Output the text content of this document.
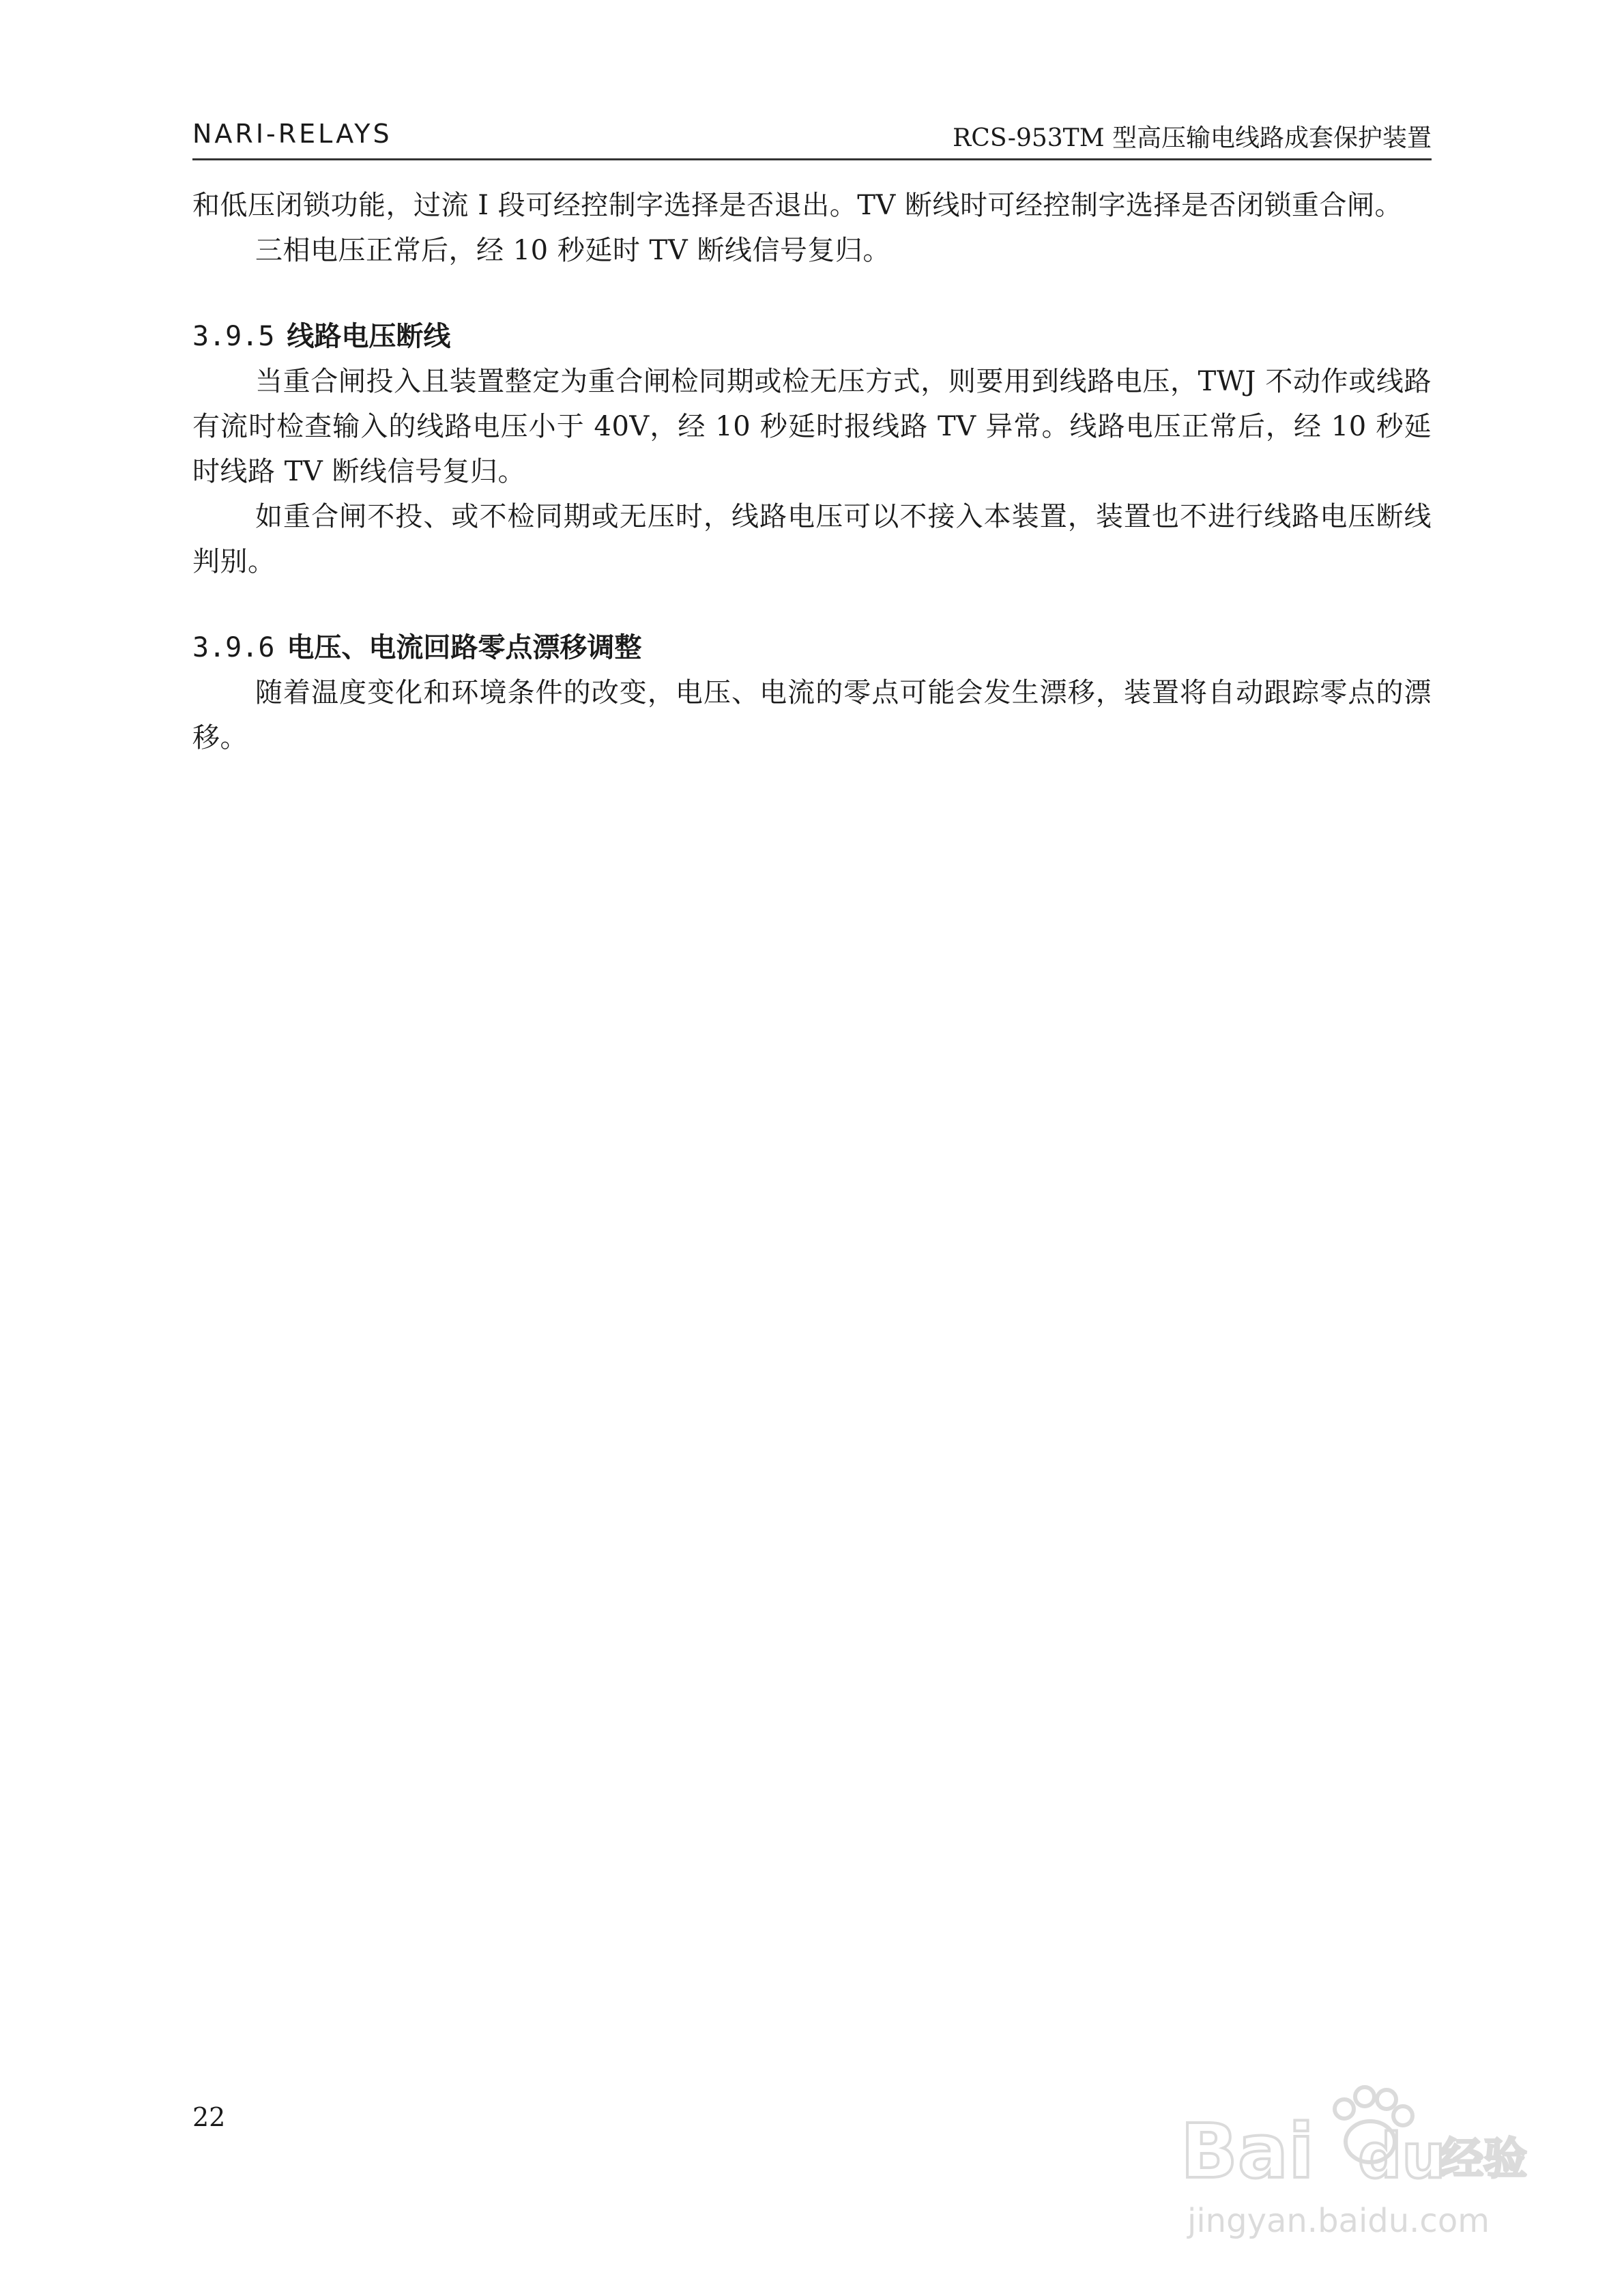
NARI-RELAYS	RCS-953TM 型高压输电线路成套保护装置

和低压闭锁功能，过流 I 段可经控制字选择是否退出。TV 断线时可经控制字选择是否闭锁重合闸。

三相电压正常后，经 10 秒延时 TV 断线信号复归。

3.9.5 线路电压断线

当重合闸投入且装置整定为重合闸检同期或检无压方式，则要用到线路电压，TWJ 不动作或线路有流时检查输入的线路电压小于 40V，经 10 秒延时报线路 TV 异常。线路电压正常后，经 10 秒延时线路 TV 断线信号复归。

如重合闸不投、或不检同期或无压时，线路电压可以不接入本装置，装置也不进行线路电压断线判别。

3.9.6 电压、电流回路零点漂移调整

随着温度变化和环境条件的改变，电压、电流的零点可能会发生漂移，装置将自动跟踪零点的漂移。

22	Bai du
经验
jingyan.baidu.com
